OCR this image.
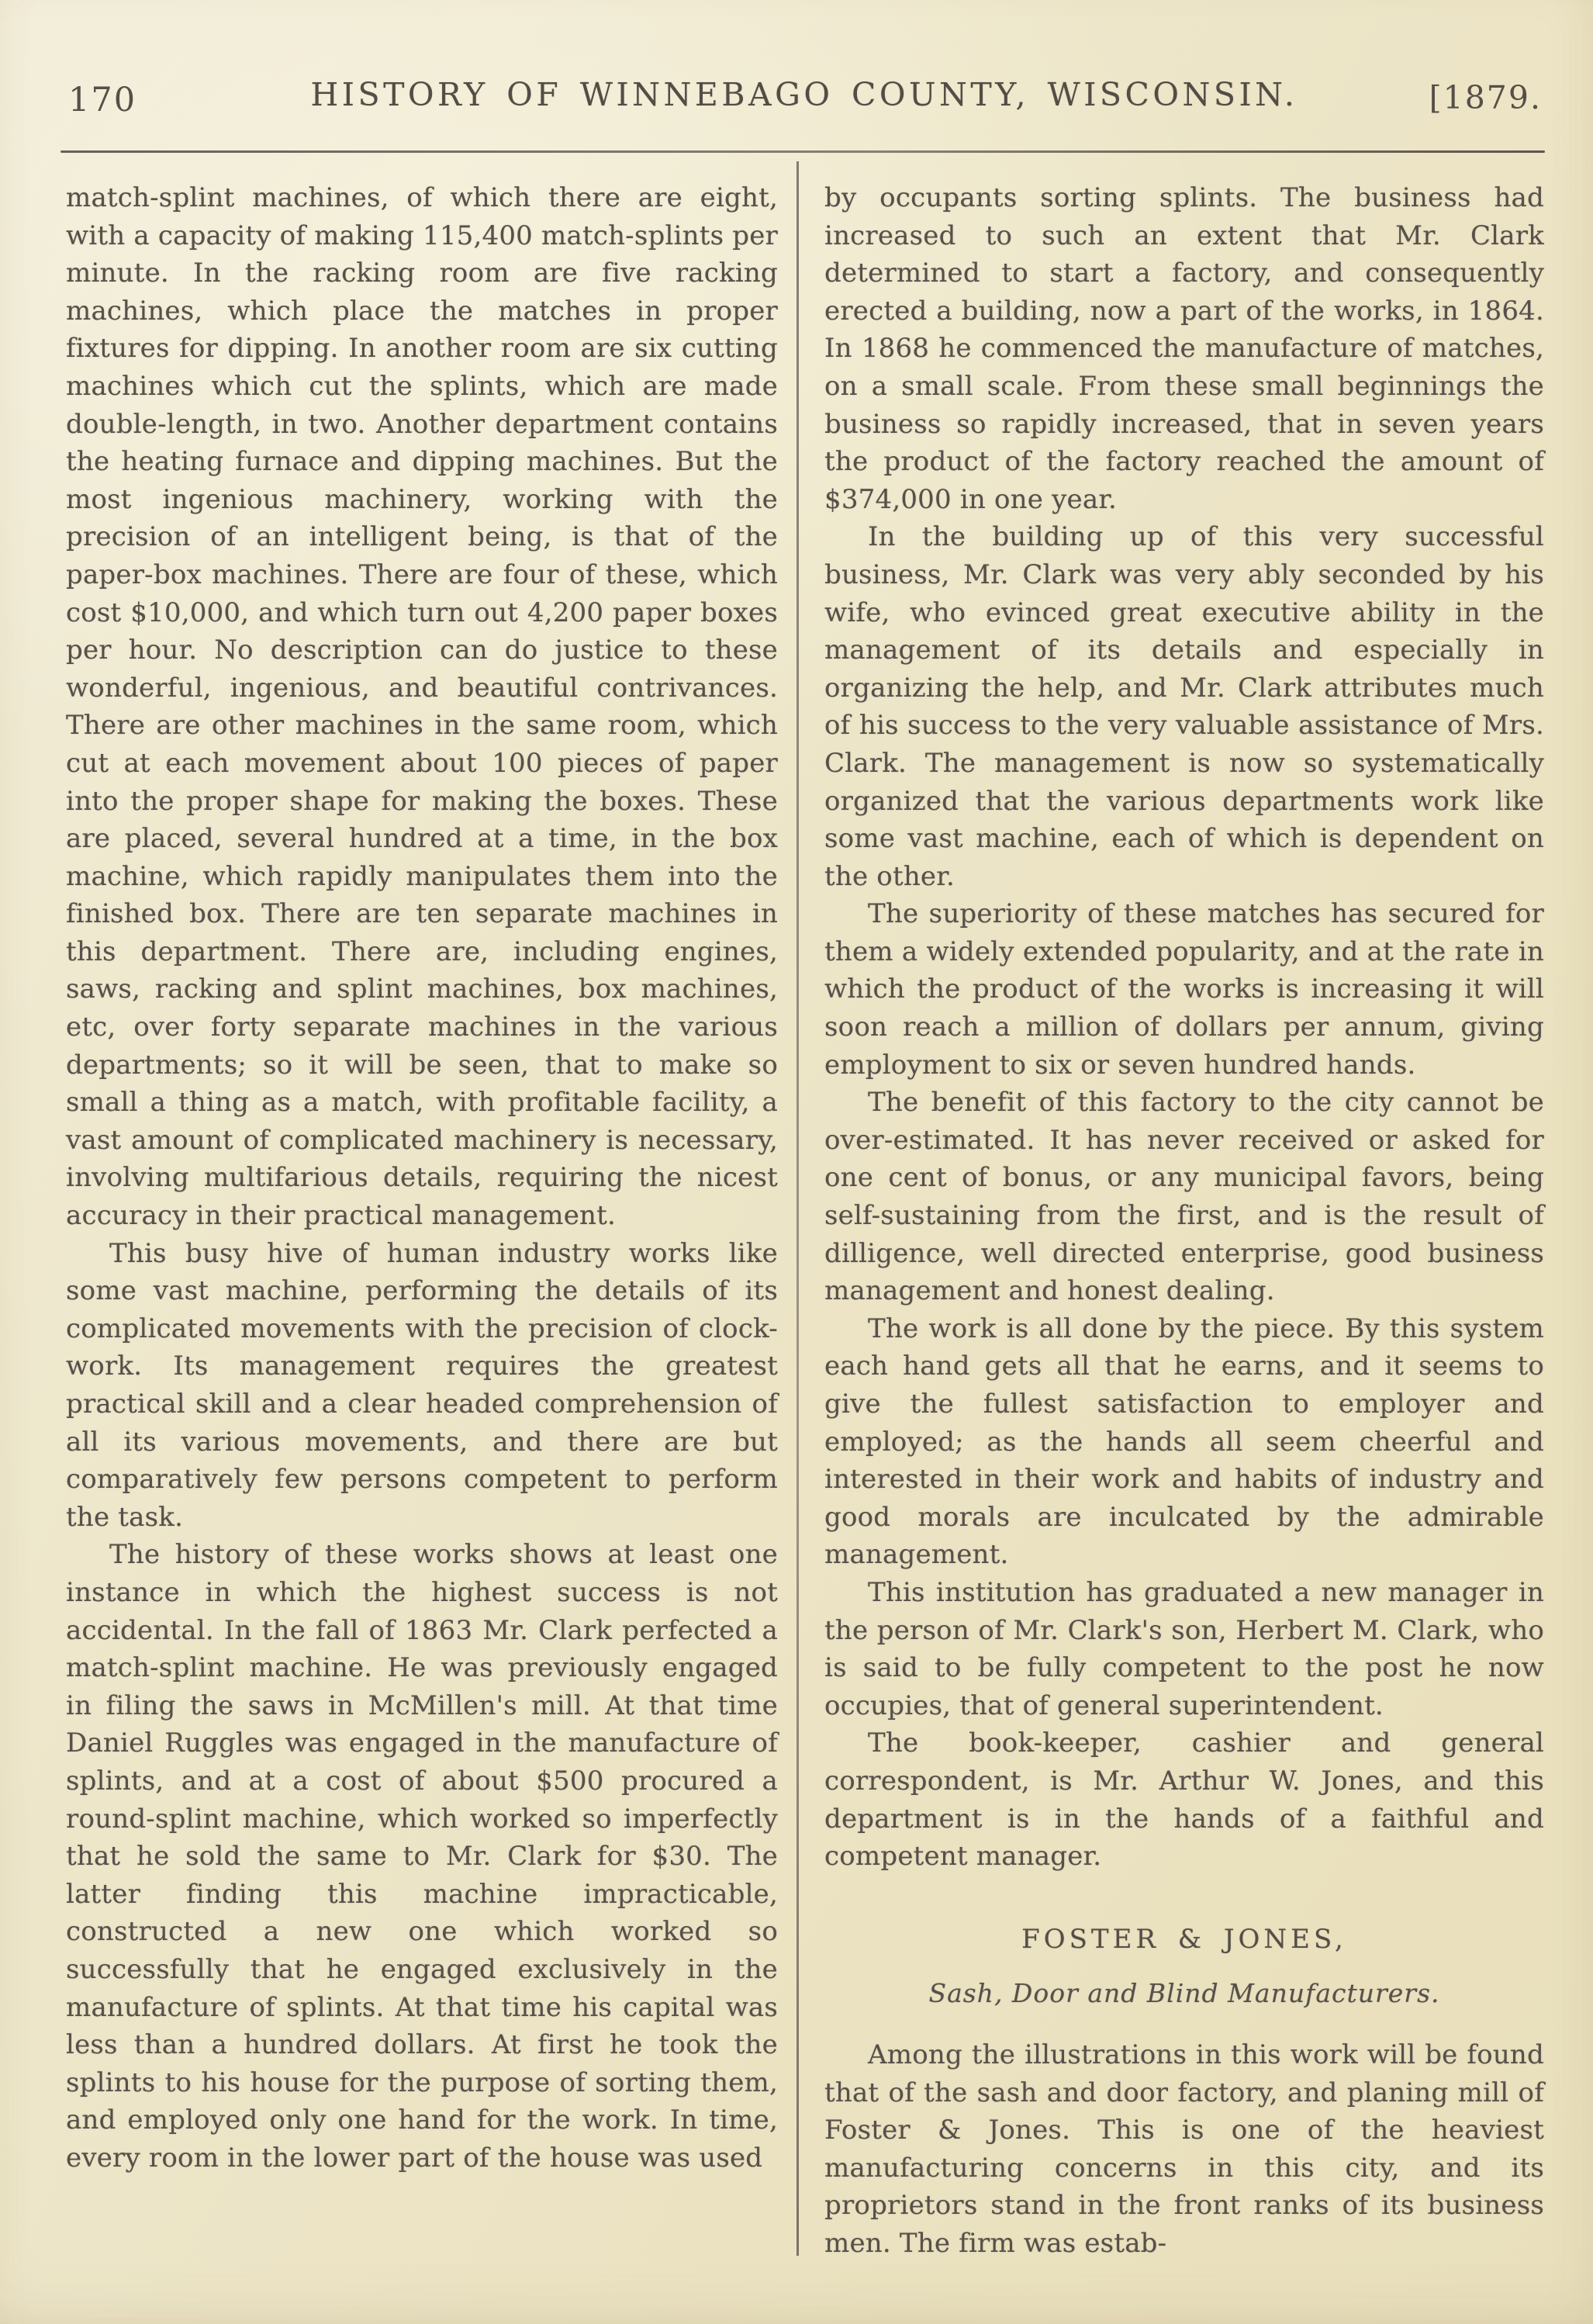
170	HISTORY OF WINNEBAGO COUNTY, WISCONSIN.	[1879.

match-splint machines, of which there are eight, with a capacity of making 115,400 match-splints per minute. In the racking room are five racking machines, which place the matches in proper fixtures for dipping. In another room are six cutting machines which cut the splints, which are made double-length, in two. Another department contains the heating furnace and dipping machines. But the most ingenious machinery, working with the precision of an intelligent being, is that of the paper-box machines. There are four of these, which cost $10,000, and which turn out 4,200 paper boxes per hour. No description can do justice to these wonderful, ingenious, and beautiful contrivances. There are other machines in the same room, which cut at each movement about 100 pieces of paper into the proper shape for making the boxes. These are placed, several hundred at a time, in the box machine, which rapidly manipulates them into the finished box. There are ten separate machines in this department. There are, including engines, saws, racking and splint machines, box machines, etc, over forty separate machines in the various departments; so it will be seen, that to make so small a thing as a match, with profitable facility, a vast amount of complicated machinery is necessary, involving multifarious details, requiring the nicest accuracy in their practical management.

This busy hive of human industry works like some vast machine, performing the details of its complicated movements with the precision of clock-work. Its management requires the greatest practical skill and a clear headed comprehension of all its various movements, and there are but comparatively few persons competent to perform the task.

The history of these works shows at least one instance in which the highest success is not accidental. In the fall of 1863 Mr. Clark perfected a match-splint machine. He was previously engaged in filing the saws in McMillen's mill. At that time Daniel Ruggles was engaged in the manufacture of splints, and at a cost of about $500 procured a round-splint machine, which worked so imperfectly that he sold the same to Mr. Clark for $30. The latter finding this machine impracticable, constructed a new one which worked so successfully that he engaged exclusively in the manufacture of splints. At that time his capital was less than a hundred dollars. At first he took the splints to his house for the purpose of sorting them, and employed only one hand for the work. In time, every room in the lower part of the house was used

by occupants sorting splints. The business had increased to such an extent that Mr. Clark determined to start a factory, and consequently erected a building, now a part of the works, in 1864. In 1868 he commenced the manufacture of matches, on a small scale. From these small beginnings the business so rapidly increased, that in seven years the product of the factory reached the amount of $374,000 in one year.

In the building up of this very successful business, Mr. Clark was very ably seconded by his wife, who evinced great executive ability in the management of its details and especially in organizing the help, and Mr. Clark attributes much of his success to the very valuable assistance of Mrs. Clark. The management is now so systematically organized that the various departments work like some vast machine, each of which is dependent on the other.

The superiority of these matches has secured for them a widely extended popularity, and at the rate in which the product of the works is increasing it will soon reach a million of dollars per annum, giving employment to six or seven hundred hands.

The benefit of this factory to the city cannot be over-estimated. It has never received or asked for one cent of bonus, or any municipal favors, being self-sustaining from the first, and is the result of dilligence, well directed enterprise, good business management and honest dealing.

The work is all done by the piece. By this system each hand gets all that he earns, and it seems to give the fullest satisfaction to employer and employed; as the hands all seem cheerful and interested in their work and habits of industry and good morals are inculcated by the admirable management.

This institution has graduated a new manager in the person of Mr. Clark's son, Herbert M. Clark, who is said to be fully competent to the post he now occupies, that of general superintendent.

The book-keeper, cashier and general correspondent, is Mr. Arthur W. Jones, and this department is in the hands of a faithful and competent manager.

FOSTER & JONES,
Sash, Door and Blind Manufacturers.

Among the illustrations in this work will be found that of the sash and door factory, and planing mill of Foster & Jones. This is one of the heaviest manufacturing concerns in this city, and its proprietors stand in the front ranks of its business men. The firm was estab-
